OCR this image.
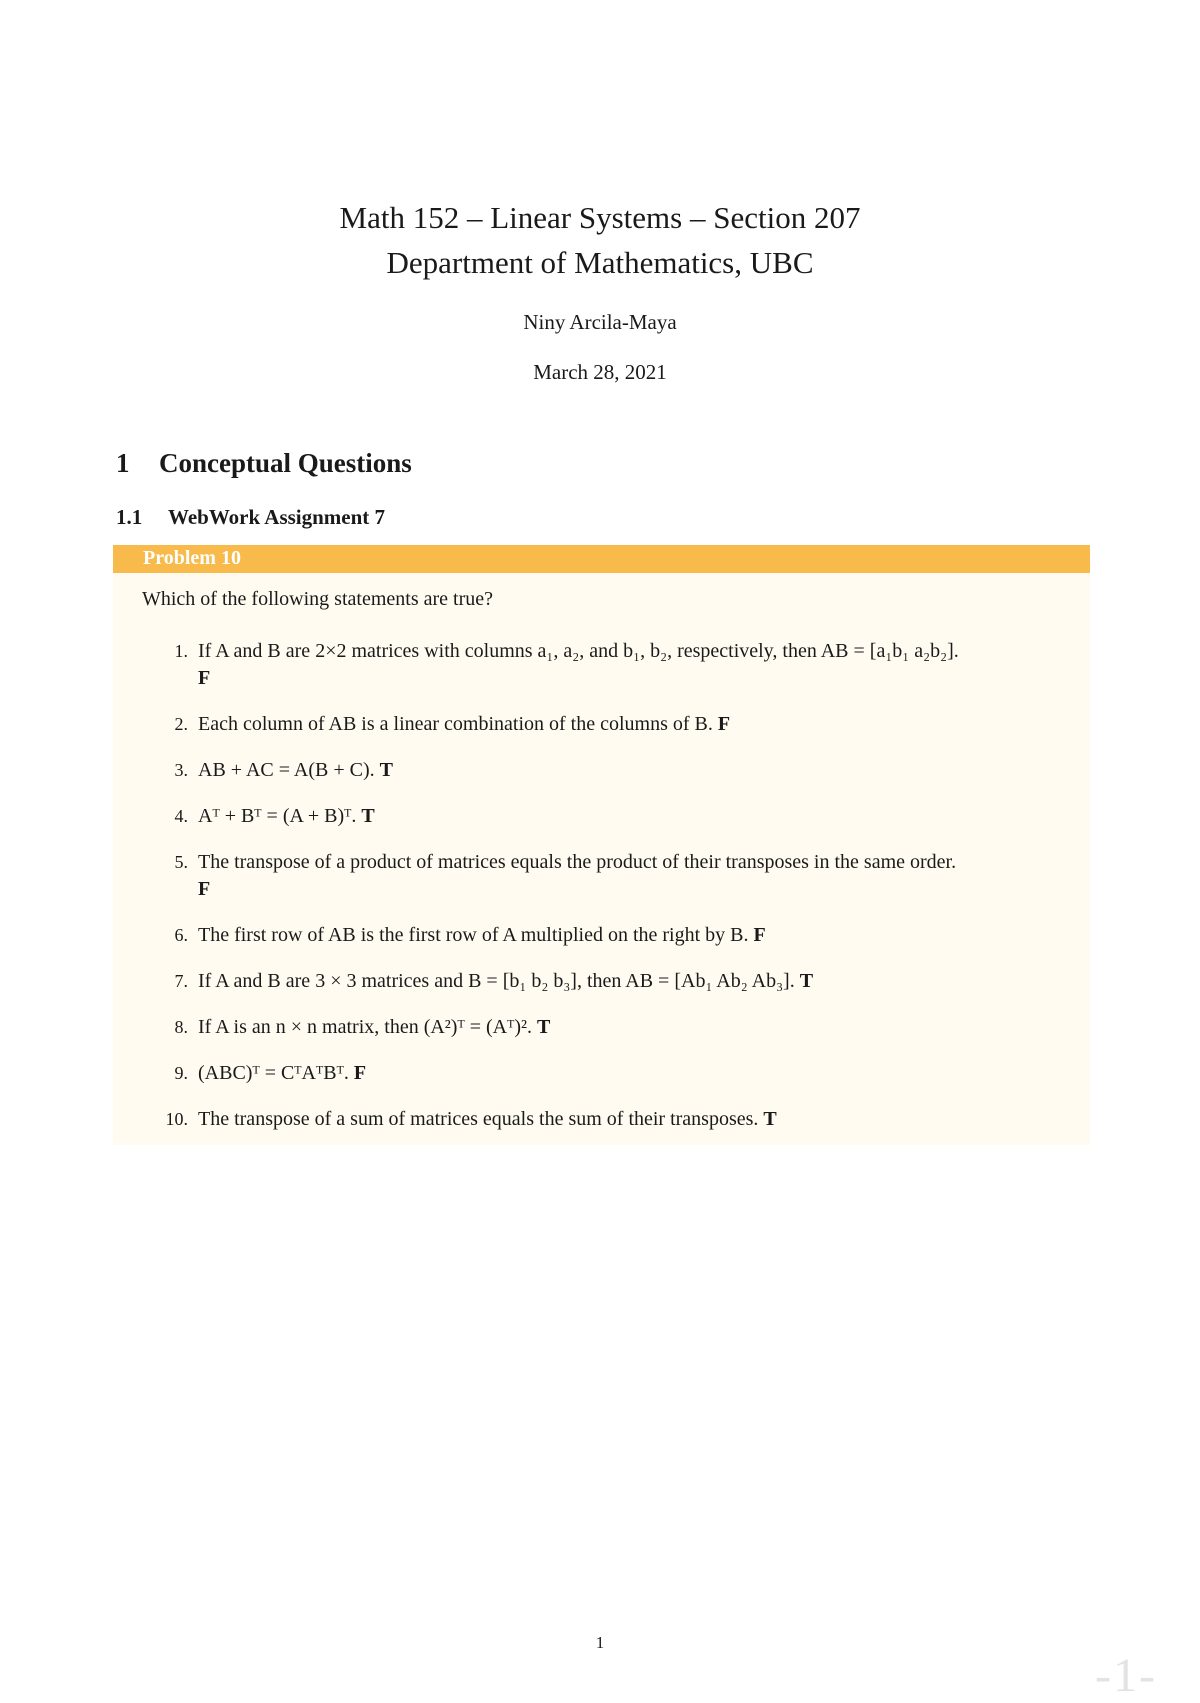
Math 152 – Linear Systems – Section 207
Department of Mathematics, UBC
Niny Arcila-Maya
March 28, 2021
1 Conceptual Questions
1.1 WebWork Assignment 7
Problem 10
Which of the following statements are true?
1. If A and B are 2×2 matrices with columns a₁, a₂, and b₁, b₂, respectively, then AB = [a₁b₁ a₂b₂].
F
2. Each column of AB is a linear combination of the columns of B. F
3. AB + AC = A(B + C). T
4. Aᵀ + Bᵀ = (A + B)ᵀ. T
5. The transpose of a product of matrices equals the product of their transposes in the same order.
F
6. The first row of AB is the first row of A multiplied on the right by B. F
7. If A and B are 3 × 3 matrices and B = [b₁ b₂ b₃], then AB = [Ab₁ Ab₂ Ab₃]. T
8. If A is an n × n matrix, then (A²)ᵀ = (Aᵀ)². T
9. (ABC)ᵀ = CᵀAᵀBᵀ. F
10. The transpose of a sum of matrices equals the sum of their transposes. T
1
-1-
